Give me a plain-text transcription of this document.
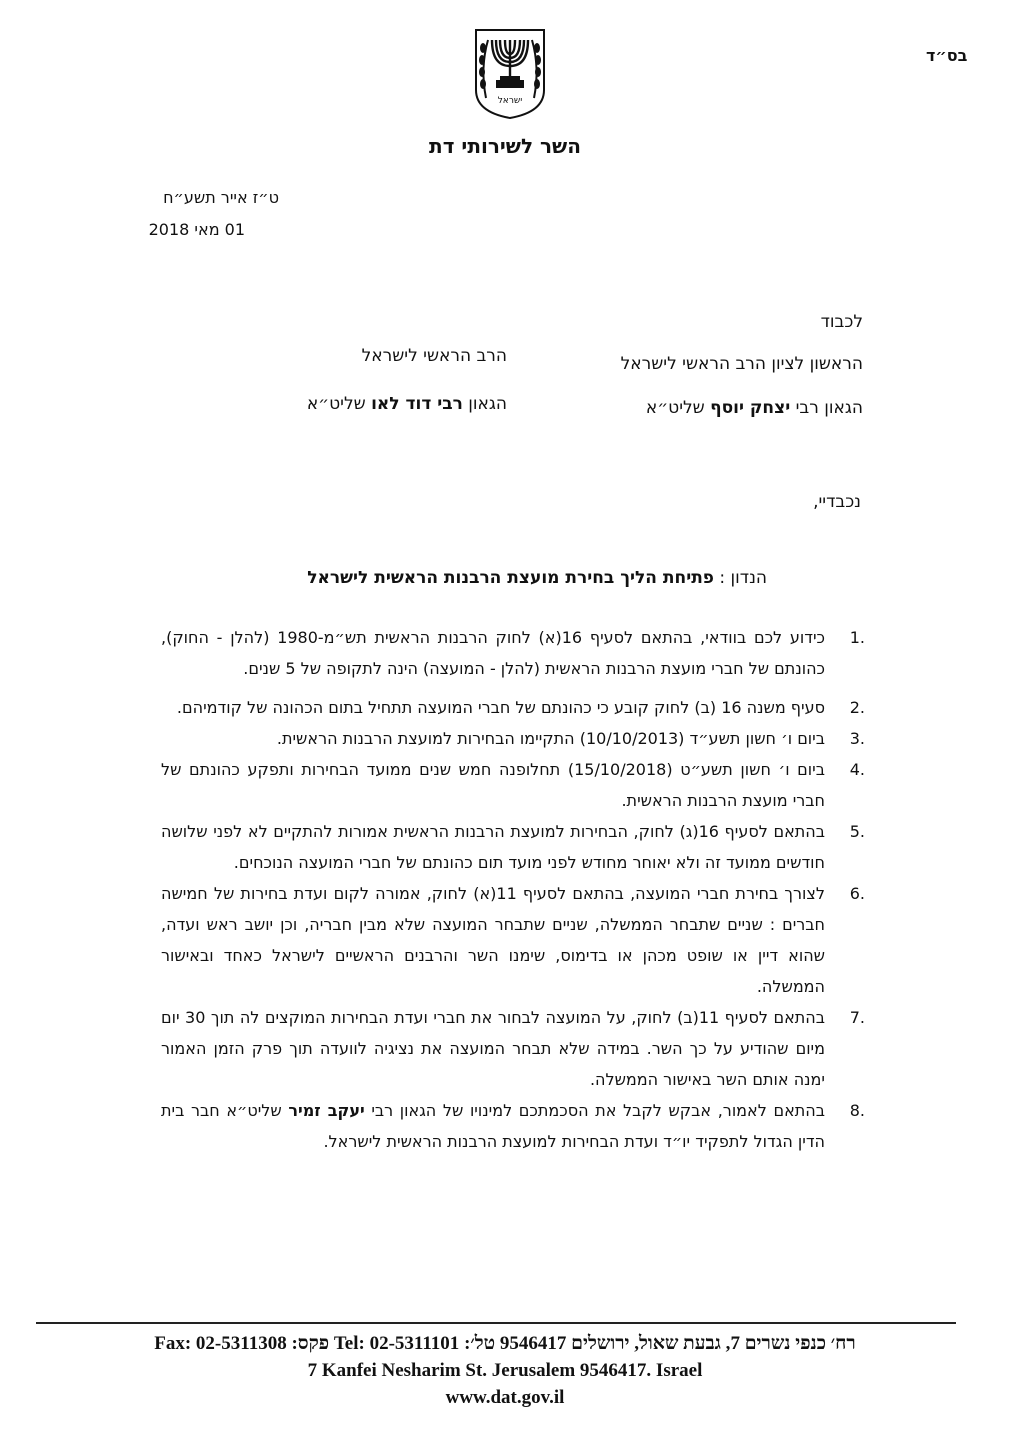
בס״ד
ישראל
השר לשירותי דת
ט״ז אייר תשע״ח
01 מאי 2018
לכבוד
הראשון לציון הרב הראשי לישראל
הרב הראשי לישראל
הגאון רבי יצחק יוסף שליט״א
הגאון רבי דוד לאו שליט״א
נכבדיי,
הנדון : פתיחת הליך בחירת מועצת הרבנות הראשית לישראל
1.
כידוע לכם בוודאי, בהתאם לסעיף 16(א) לחוק הרבנות הראשית תש״מ-1980 (להלן - החוק), כהונתם של חברי מועצת הרבנות הראשית (להלן - המועצה) הינה לתקופה של 5 שנים.
2.
סעיף משנה 16 (ב) לחוק קובע כי כהונתם של חברי המועצה תתחיל בתום הכהונה של קודמיהם.
3.
ביום ו׳ חשון תשע״ד (10/10/2013) התקיימו הבחירות למועצת הרבנות הראשית.
4.
ביום ו׳ חשון תשע״ט (15/10/2018) תחלופנה חמש שנים ממועד הבחירות ותפקע כהונתם של חברי מועצת הרבנות הראשית.
5.
בהתאם לסעיף 16(ג) לחוק, הבחירות למועצת הרבנות הראשית אמורות להתקיים לא לפני שלושה חודשים ממועד זה ולא יאוחר מחודש לפני מועד תום כהונתם של חברי המועצה הנוכחים.
6.
לצורך בחירת חברי המועצה, בהתאם לסעיף 11(א) לחוק, אמורה לקום ועדת בחירות של חמישה חברים : שניים שתבחר הממשלה, שניים שתבחר המועצה שלא מבין חבריה, וכן יושב ראש ועדה, שהוא דיין או שופט מכהן או בדימוס, שימנו השר והרבנים הראשיים לישראל כאחד ובאישור הממשלה.
7.
בהתאם לסעיף 11(ב) לחוק, על המועצה לבחור את חברי ועדת הבחירות המוקצים לה תוך 30 יום מיום שהודיע על כך השר. במידה שלא תבחר המועצה את נציגיה לוועדה תוך פרק הזמן האמור ימנה אותם השר באישור הממשלה.
8.
בהתאם לאמור, אבקש לקבל את הסכמתכם למינויו של הגאון רבי יעקב זמיר שליט״א חבר בית הדין הגדול לתפקיד יו״ד ועדת הבחירות למועצת הרבנות הראשית לישראל.
רח׳ כנפי נשרים 7, גבעת שאול, ירושלים 9546417 טל׳: Tel: 02-5311101 פקס: Fax: 02-5311308
7 Kanfei Nesharim St. Jerusalem 9546417. Israel
www.dat.gov.il
